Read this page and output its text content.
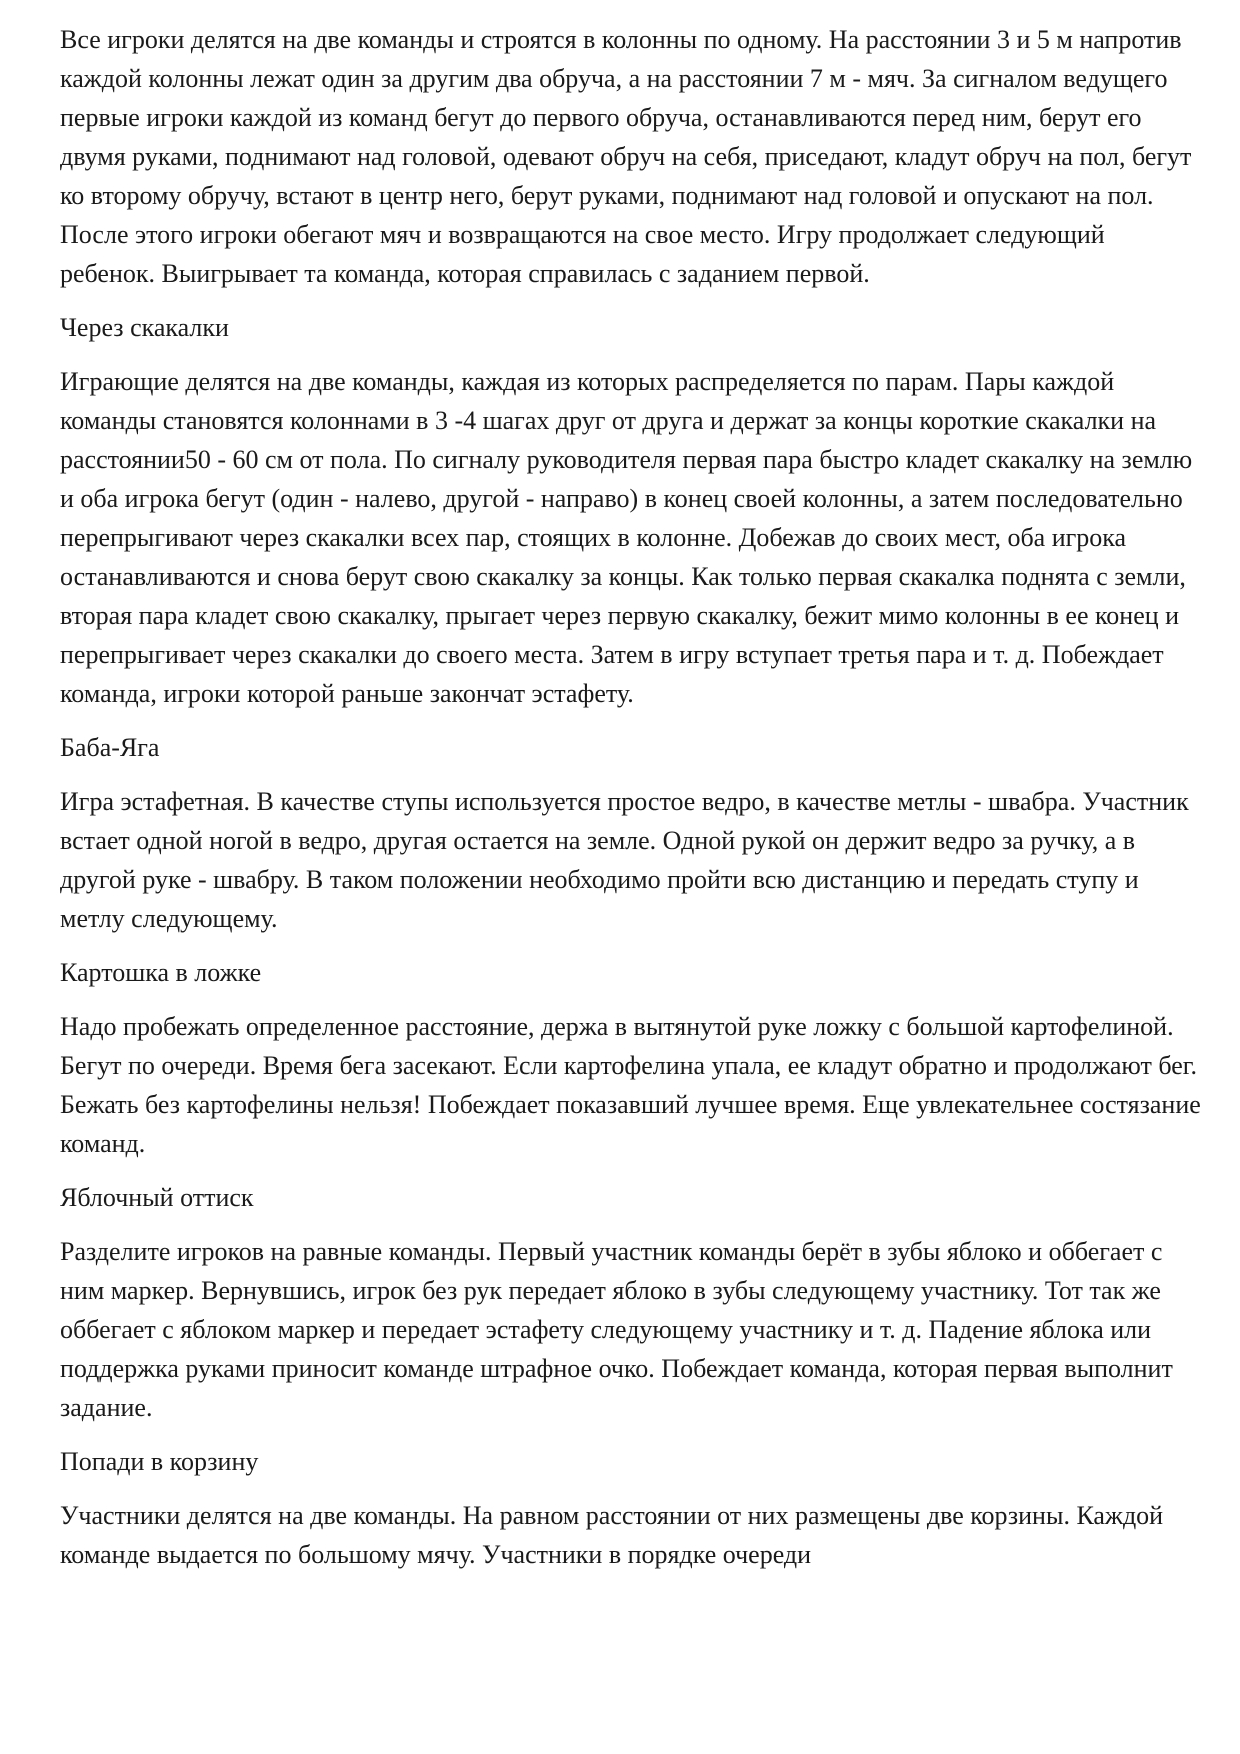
Все игроки делятся на две команды и строятся в колонны по одному. На расстоянии 3 и 5 м напротив каждой колонны лежат один за другим два обруча, а на расстоянии 7 м - мяч. За сигналом ведущего первые игроки каждой из команд бегут до первого обруча, останавливаются перед ним, берут его двумя руками, поднимают над головой, одевают обруч на себя, приседают, кладут обруч на пол, бегут ко второму обручу, встают в центр него, берут руками, поднимают над головой и опускают на пол. После этого игроки обегают мяч и возвращаются на свое место. Игру продолжает следующий ребенок. Выигрывает та команда, которая справилась с заданием первой.

Через скакалки

Играющие делятся на две команды, каждая из которых распределяется по парам. Пары каждой команды становятся колоннами в 3 -4 шагах друг от друга и держат за концы короткие скакалки на расстоянии50 - 60 см от пола. По сигналу руководителя первая пара быстро кладет скакалку на землю и оба игрока бегут (один - налево, другой - направо) в конец своей колонны, а затем последовательно перепрыгивают через скакалки всех пар, стоящих в колонне. Добежав до своих мест, оба игрока останавливаются и снова берут свою скакалку за концы. Как только первая скакалка поднята с земли, вторая пара кладет свою скакалку, прыгает через первую скакалку, бежит мимо колонны в ее конец и перепрыгивает через скакалки до своего места. Затем в игру вступает третья пара и т. д. Побеждает команда, игроки которой раньше закончат эстафету.

Баба-Яга

Игра эстафетная. В качестве ступы используется простое ведро, в качестве метлы - швабра. Участник встает одной ногой в ведро, другая остается на земле. Одной рукой он держит ведро за ручку, а в другой руке - швабру. В таком положении необходимо пройти всю дистанцию и передать ступу и метлу следующему.

Картошка в ложке

Надо пробежать определенное расстояние, держа в вытянутой руке ложку с большой картофелиной. Бегут по очереди. Время бега засекают. Если картофелина упала, ее кладут обратно и продолжают бег. Бежать без картофелины нельзя! Побеждает показавший лучшее время. Еще увлекательнее состязание команд.

Яблочный оттиск

Разделите игроков на равные команды. Первый участник команды берёт в зубы яблоко и оббегает с ним маркер. Вернувшись, игрок без рук передает яблоко в зубы следующему участнику. Тот так же оббегает с яблоком маркер и передает эстафету следующему участнику и т. д. Падение яблока или поддержка руками приносит команде штрафное очко. Побеждает команда, которая первая выполнит задание.

Попади в корзину

Участники делятся на две команды. На равном расстоянии от них размещены две корзины. Каждой команде выдается по большому мячу. Участники в порядке очереди
